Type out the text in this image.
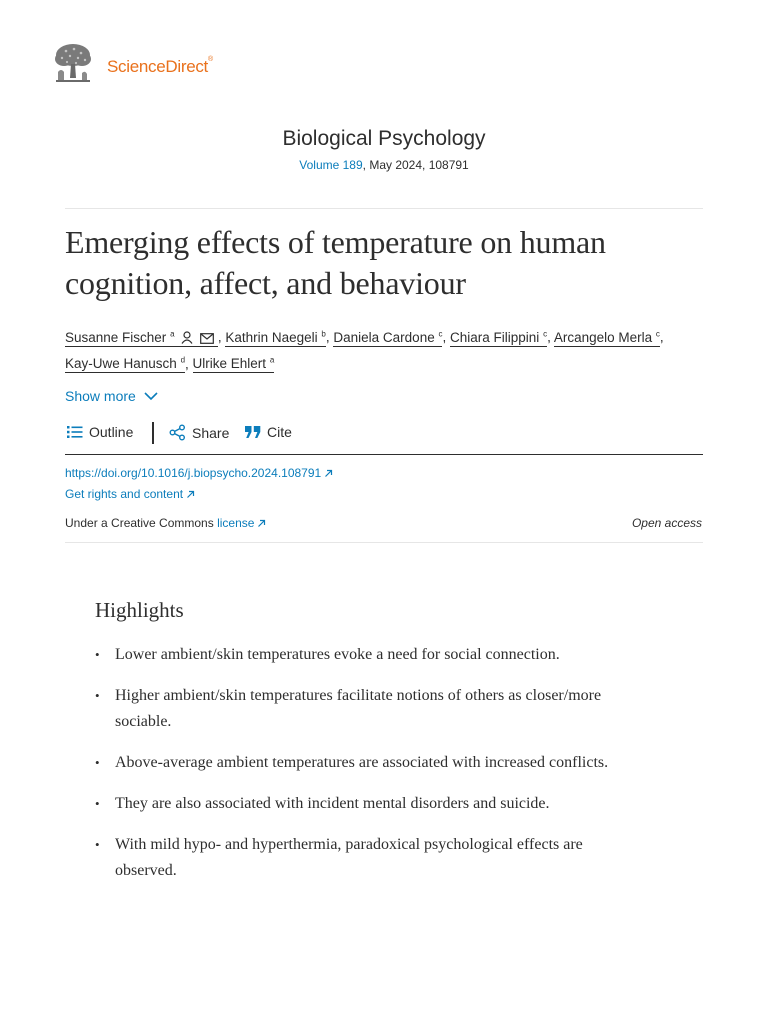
ScienceDirect®
Biological Psychology
Volume 189, May 2024, 108791
Emerging effects of temperature on human cognition, affect, and behaviour
Susanne Fischer $^a$	, Kathrin Naegeli $^b$, Daniela Cardone $^c$, Chiara Filippini $^c$, Arcangelo Merla $^c$,
Kay-Uwe Hanusch $^d$, Ulrike Ehlert $^a$
Show more
Outline	Share	Cite
https://doi.org/10.1016/j.biopsycho.2024.108791
Get rights and content
Under a Creative Commons license	Open access
Highlights
• Lower ambient/skin temperatures evoke a need for social connection.
• Higher ambient/skin temperatures facilitate notions of others as closer/more sociable.
• Above-average ambient temperatures are associated with increased conflicts.
• They are also associated with incident mental disorders and suicide.
• With mild hypo- and hyperthermia, paradoxical psychological effects are observed.
